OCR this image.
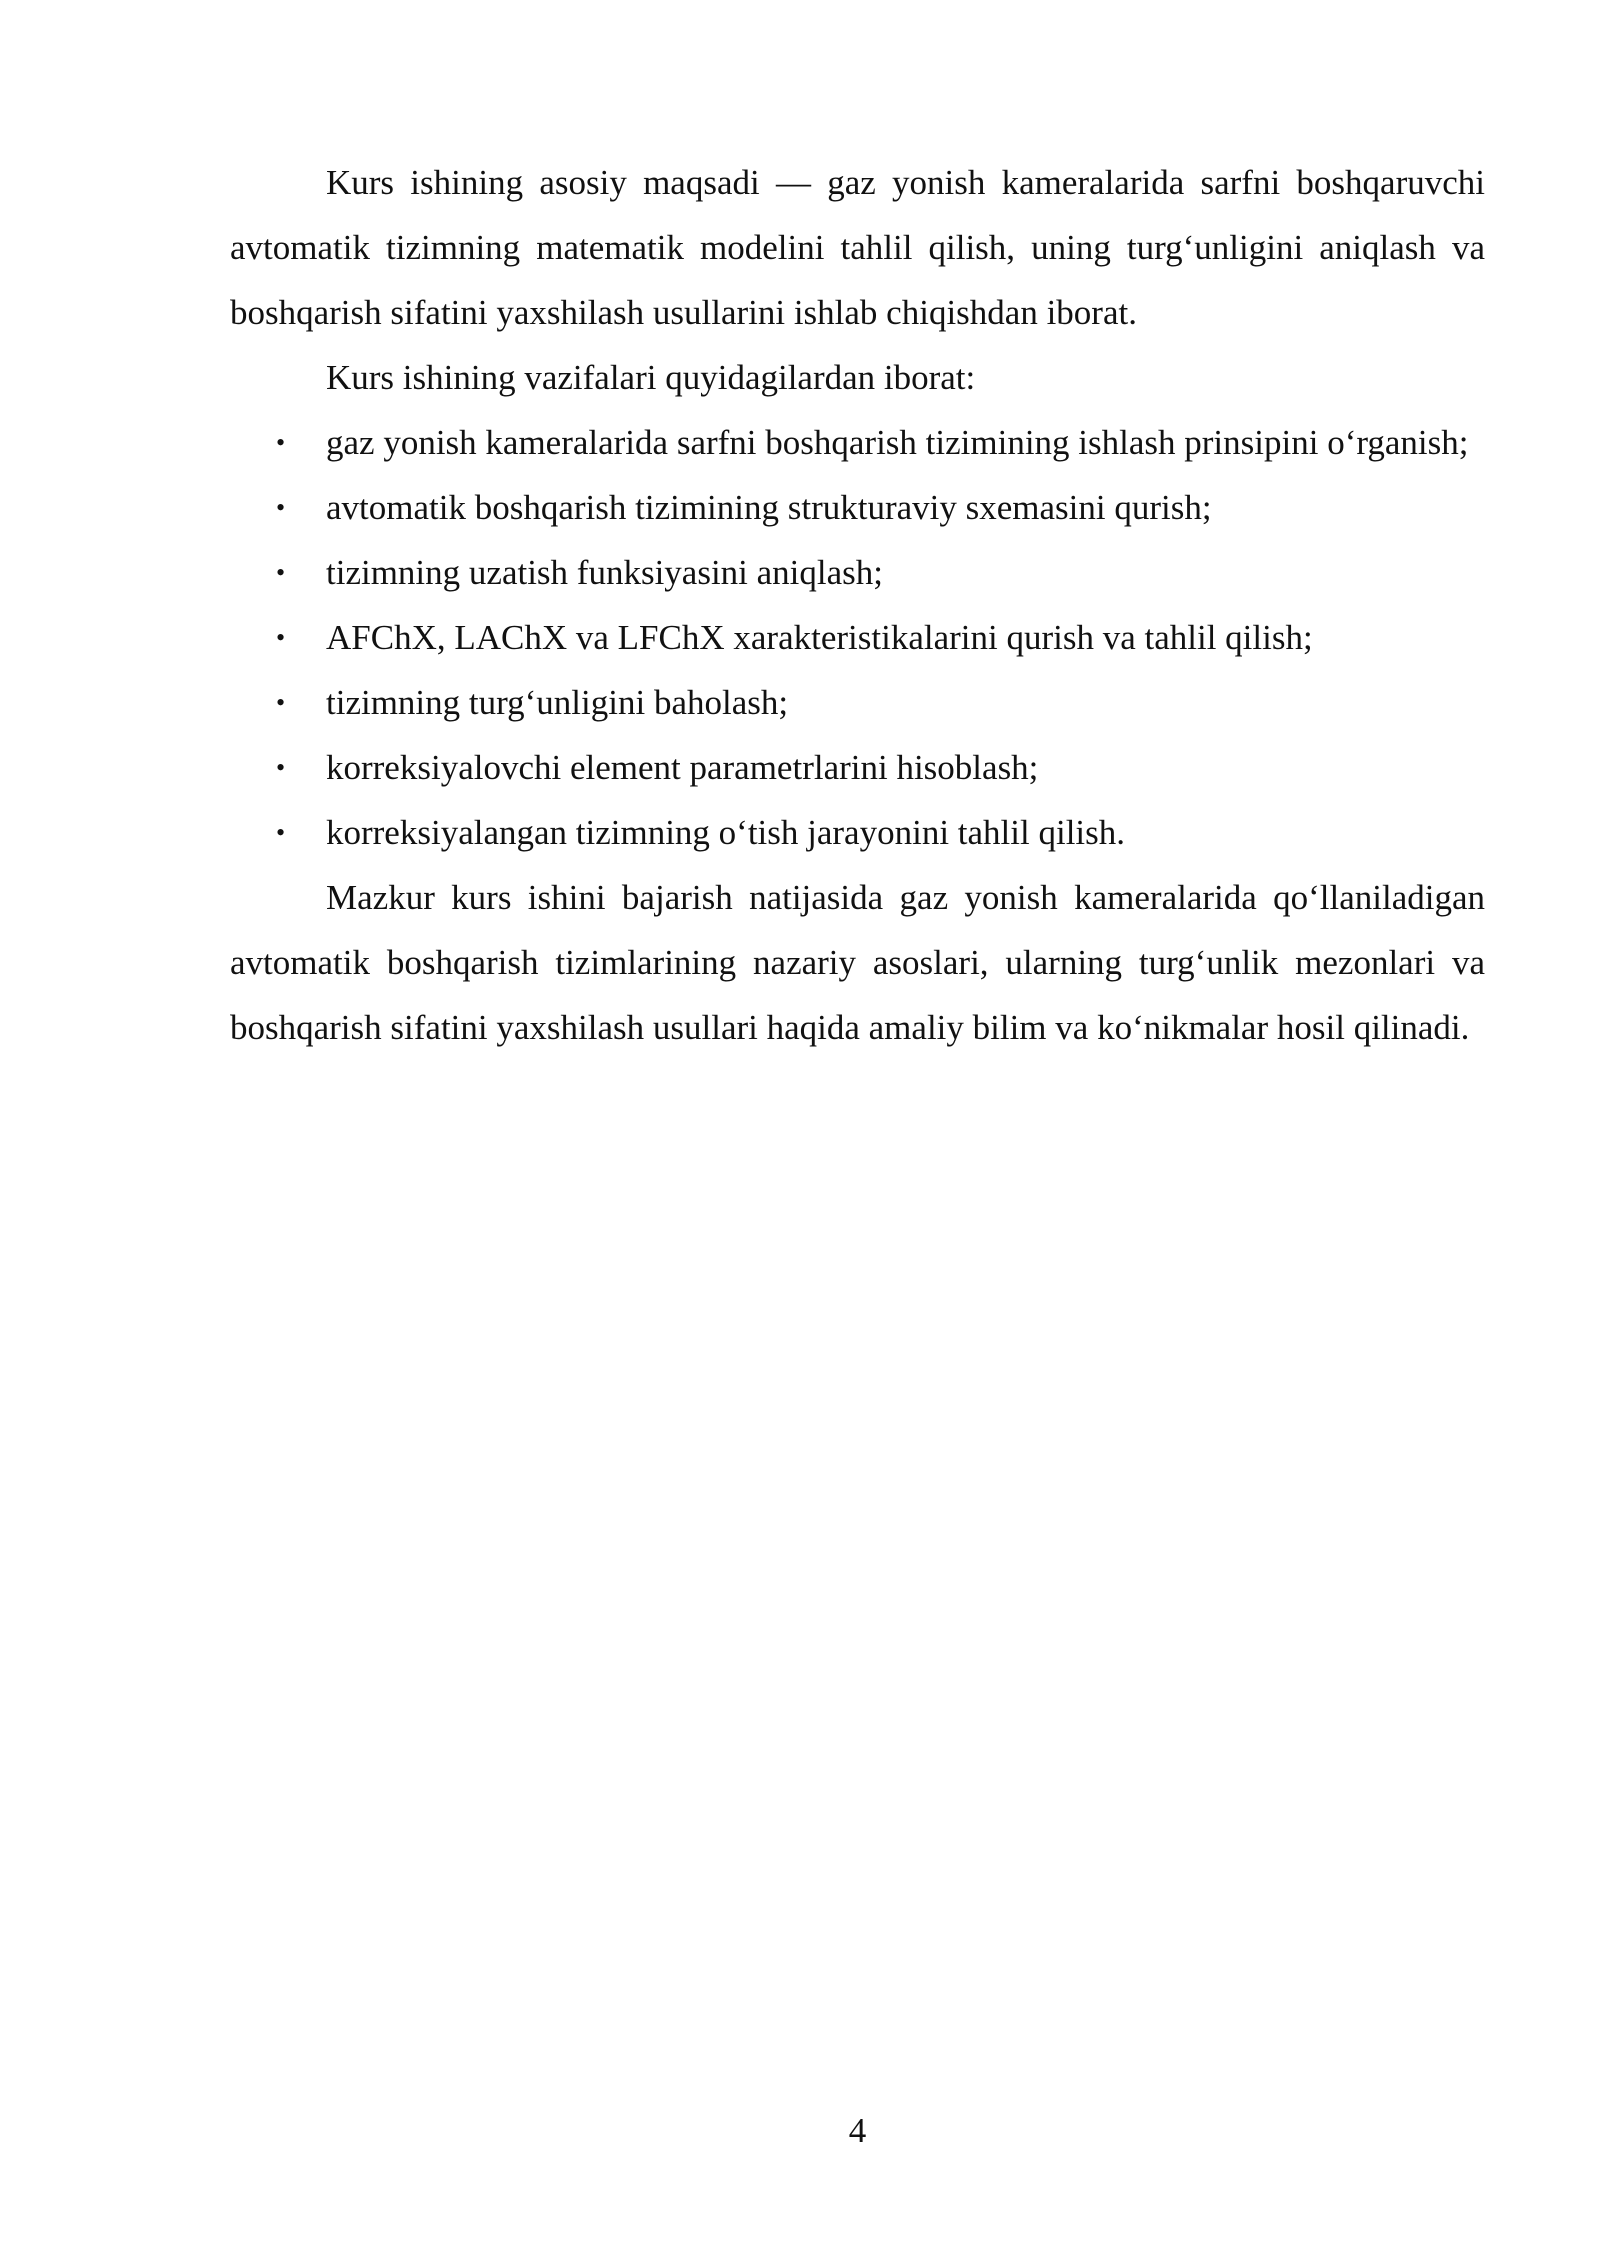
Kurs ishining asosiy maqsadi — gaz yonish kameralarida sarfni boshqaruvchi avtomatik tizimning matematik modelini tahlil qilish, uning turg‘unligini aniqlash va boshqarish sifatini yaxshilash usullarini ishlab chiqishdan iborat.

Kurs ishining vazifalari quyidagilardan iborat:

• gaz yonish kameralarida sarfni boshqarish tizimining ishlash prinsipini o‘rganish;
• avtomatik boshqarish tizimining strukturaviy sxemasini qurish;
• tizimning uzatish funksiyasini aniqlash;
• AFChX, LAChX va LFChX xarakteristikalarini qurish va tahlil qilish;
• tizimning turg‘unligini baholash;
• korreksiyalovchi element parametrlarini hisoblash;
• korreksiyalangan tizimning o‘tish jarayonini tahlil qilish.

Mazkur kurs ishini bajarish natijasida gaz yonish kameralarida qo‘llaniladigan avtomatik boshqarish tizimlarining nazariy asoslari, ularning turg‘unlik mezonlari va boshqarish sifatini yaxshilash usullari haqida amaliy bilim va ko‘nikmalar hosil qilinadi.

4
